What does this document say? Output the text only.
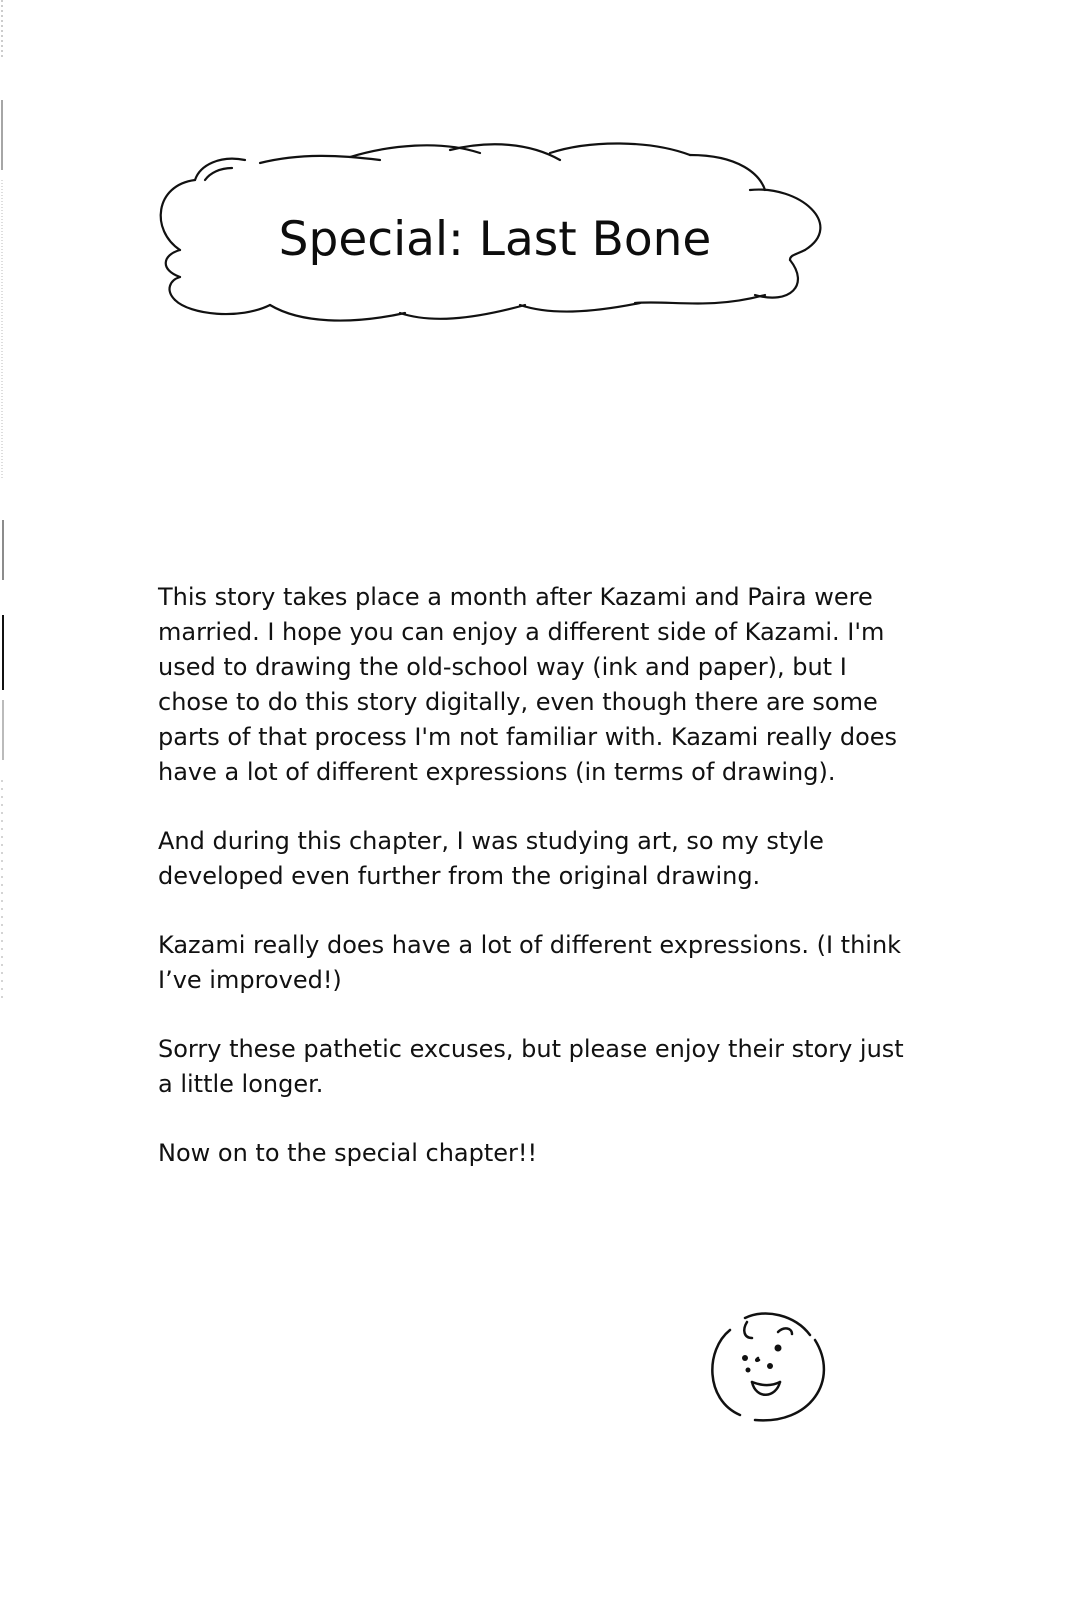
Special: Last Bone

This story takes place a month after Kazami and Paira were married. I hope you can enjoy a different side of Kazami. I'm used to drawing the old-school way (ink and paper), but I chose to do this story digitally, even though there are some parts of that process I'm not familiar with. Kazami really does have a lot of different expressions (in terms of drawing).

And during this chapter, I was studying art, so my style developed even further from the original drawing.

Kazami really does have a lot of different expressions. (I think I’ve improved!)

Sorry these pathetic excuses, but please enjoy their story just a little longer.

Now on to the special chapter!!
